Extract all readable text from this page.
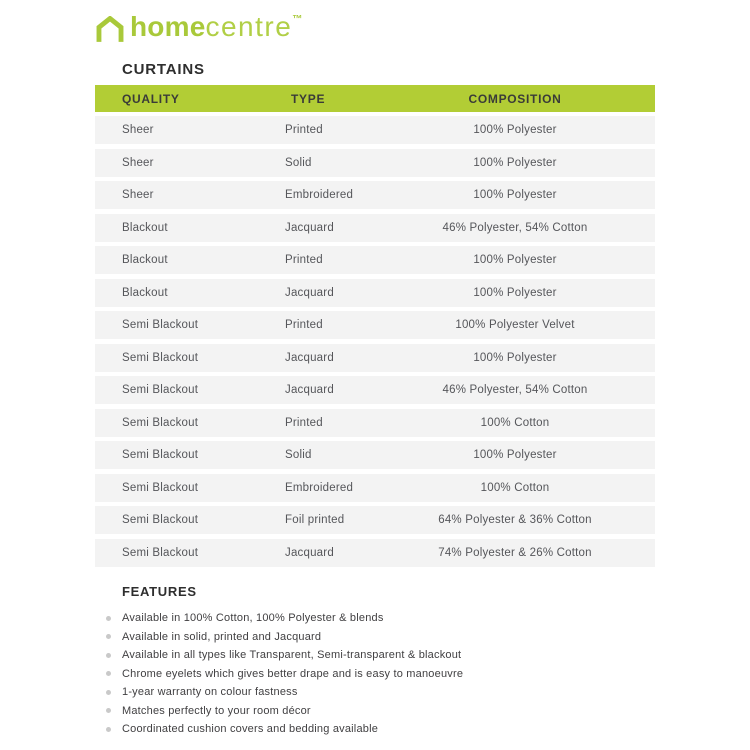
home centre ™
CURTAINS
QUALITY	TYPE	COMPOSITION
Sheer	Printed	100% Polyester
Sheer	Solid	100% Polyester
Sheer	Embroidered	100% Polyester
Blackout	Jacquard	46% Polyester, 54% Cotton
Blackout	Printed	100% Polyester
Blackout	Jacquard	100% Polyester
Semi Blackout	Printed	100% Polyester Velvet
Semi Blackout	Jacquard	100% Polyester
Semi Blackout	Jacquard	46% Polyester, 54% Cotton
Semi Blackout	Printed	100% Cotton
Semi Blackout	Solid	100% Polyester
Semi Blackout	Embroidered	100% Cotton
Semi Blackout	Foil printed	64% Polyester & 36% Cotton
Semi Blackout	Jacquard	74% Polyester & 26% Cotton
FEATURES
Available in 100% Cotton, 100% Polyester & blends
Available in solid, printed and Jacquard
Available in all types like Transparent, Semi-transparent & blackout
Chrome eyelets which gives better drape and is easy to manoeuvre
1-year warranty on colour fastness
Matches perfectly to your room décor
Coordinated cushion covers and bedding available
